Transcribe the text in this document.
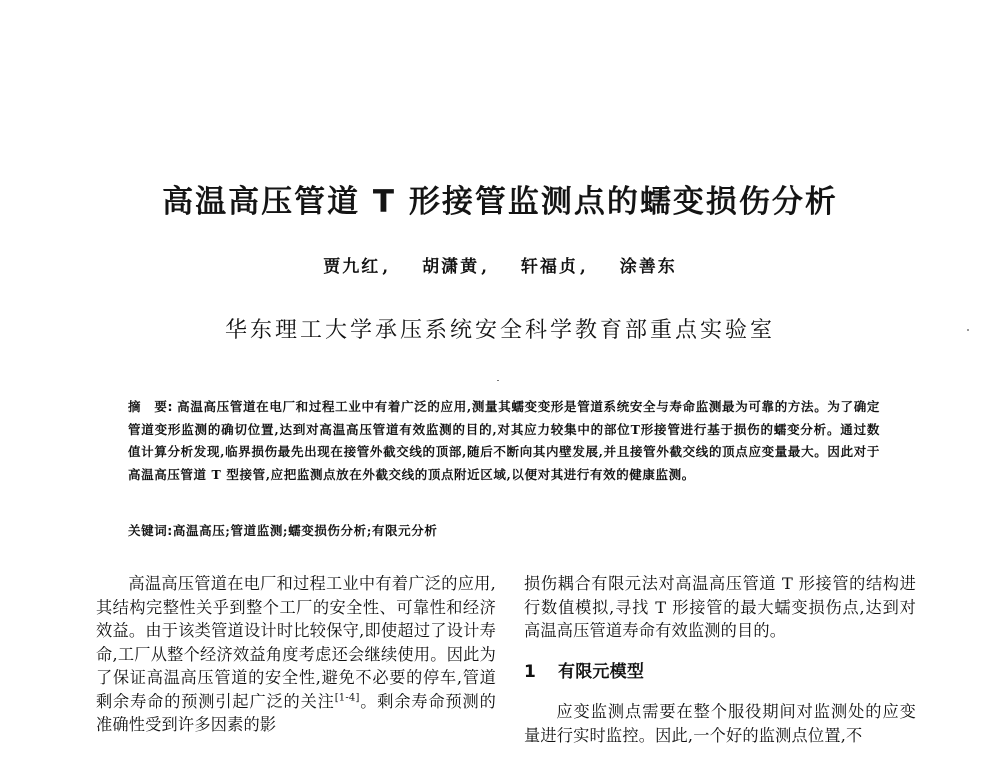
高温高压管道 T 形接管监测点的蠕变损伤分析
贾九红 , 胡潇黄 , 轩福贞 , 涂善东
华东理工大学承压系统安全科学教育部重点实验室
摘　要: 高温高压管道在电厂和过程工业中有着广泛的应用,测量其蠕变变形是管道系统安全与寿命监测最为可靠的方法。为了确定管道变形监测的确切位置,达到对高温高压管道有效监测的目的,对其应力较集中的部位T形接管进行基于损伤的蠕变分析。通过数值计算分析发现,临界损伤最先出现在接管外截交线的顶部,随后不断向其内壁发展,并且接管外截交线的顶点应变量最大。因此对于高温高压管道 T 型接管,应把监测点放在外截交线的顶点附近区域,以便对其进行有效的健康监测。
关键词:高温高压;管道监测;蠕变损伤分析;有限元分析

高温高压管道在电厂和过程工业中有着广泛的应用,其结构完整性关乎到整个工厂的安全性、可靠性和经济效益。由于该类管道设计时比较保守,即使超过了设计寿命,工厂从整个经济效益角度考虑还会继续使用。因此为了保证高温高压管道的安全性,避免不必要的停车,管道剩余寿命的预测引起广泛的关注[1-4]。剩余寿命预测的准确性受到许多因素的影

损伤耦合有限元法对高温高压管道 T 形接管的结构进行数值模拟,寻找 T 形接管的最大蠕变损伤点,达到对高温高压管道寿命有效监测的目的。

1 有限元模型

应变监测点需要在整个服役期间对监测处的应变量进行实时监控。因此,一个好的监测点位置,不
